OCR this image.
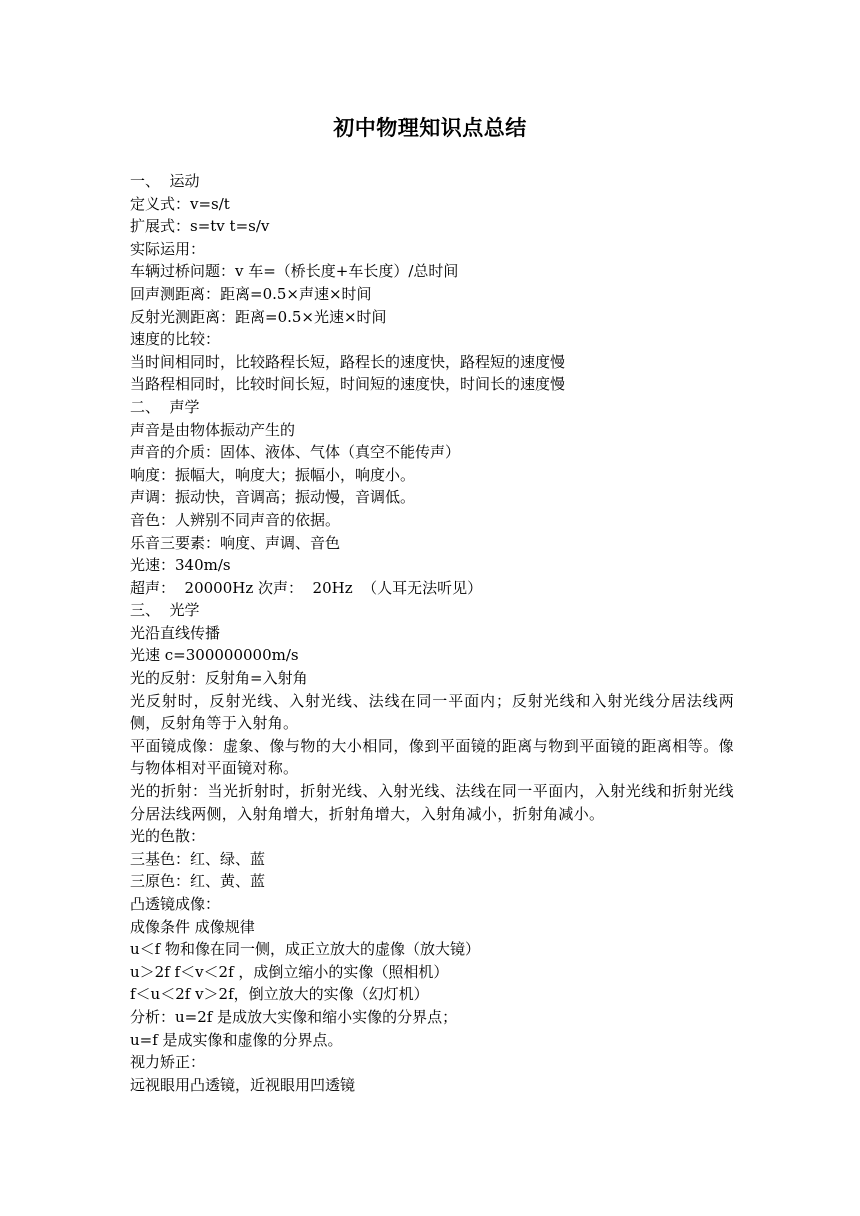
初中物理知识点总结
一、  运动
定义式：v=s/t
扩展式：s=tv t=s/v
实际运用：
车辆过桥问题：v 车=（桥长度+车长度）/总时间
回声测距离：距离=0.5×声速×时间
反射光测距离：距离=0.5×光速×时间
速度的比较：
当时间相同时，比较路程长短，路程长的速度快，路程短的速度慢
当路程相同时，比较时间长短，时间短的速度快，时间长的速度慢
二、  声学
声音是由物体振动产生的
声音的介质：固体、液体、气体（真空不能传声）
响度：振幅大，响度大；振幅小，响度小。
声调：振动快，音调高；振动慢，音调低。
音色：人辨别不同声音的依据。
乐音三要素：响度、声调、音色
光速：340m/s
超声：  20000Hz 次声：  20Hz  （人耳无法听见）
三、  光学
光沿直线传播
光速 c=300000000m/s
光的反射：反射角=入射角
光反射时，反射光线、入射光线、法线在同一平面内；反射光线和入射光线分居法线两侧，反射角等于入射角。
平面镜成像：虚象、像与物的大小相同，像到平面镜的距离与物到平面镜的距离相等。像与物体相对平面镜对称。
光的折射：当光折射时，折射光线、入射光线、法线在同一平面内，入射光线和折射光线分居法线两侧，入射角增大，折射角增大，入射角减小，折射角减小。
光的色散：
三基色：红、绿、蓝
三原色：红、黄、蓝
凸透镜成像：
成像条件 成像规律
u＜f 物和像在同一侧，成正立放大的虚像（放大镜）
u＞2f f＜v＜2f ，成倒立缩小的实像（照相机）
f＜u＜2f v＞2f，倒立放大的实像（幻灯机）
分析：u=2f 是成放大实像和缩小实像的分界点；
u=f 是成实像和虚像的分界点。
视力矫正：
远视眼用凸透镜，近视眼用凹透镜
